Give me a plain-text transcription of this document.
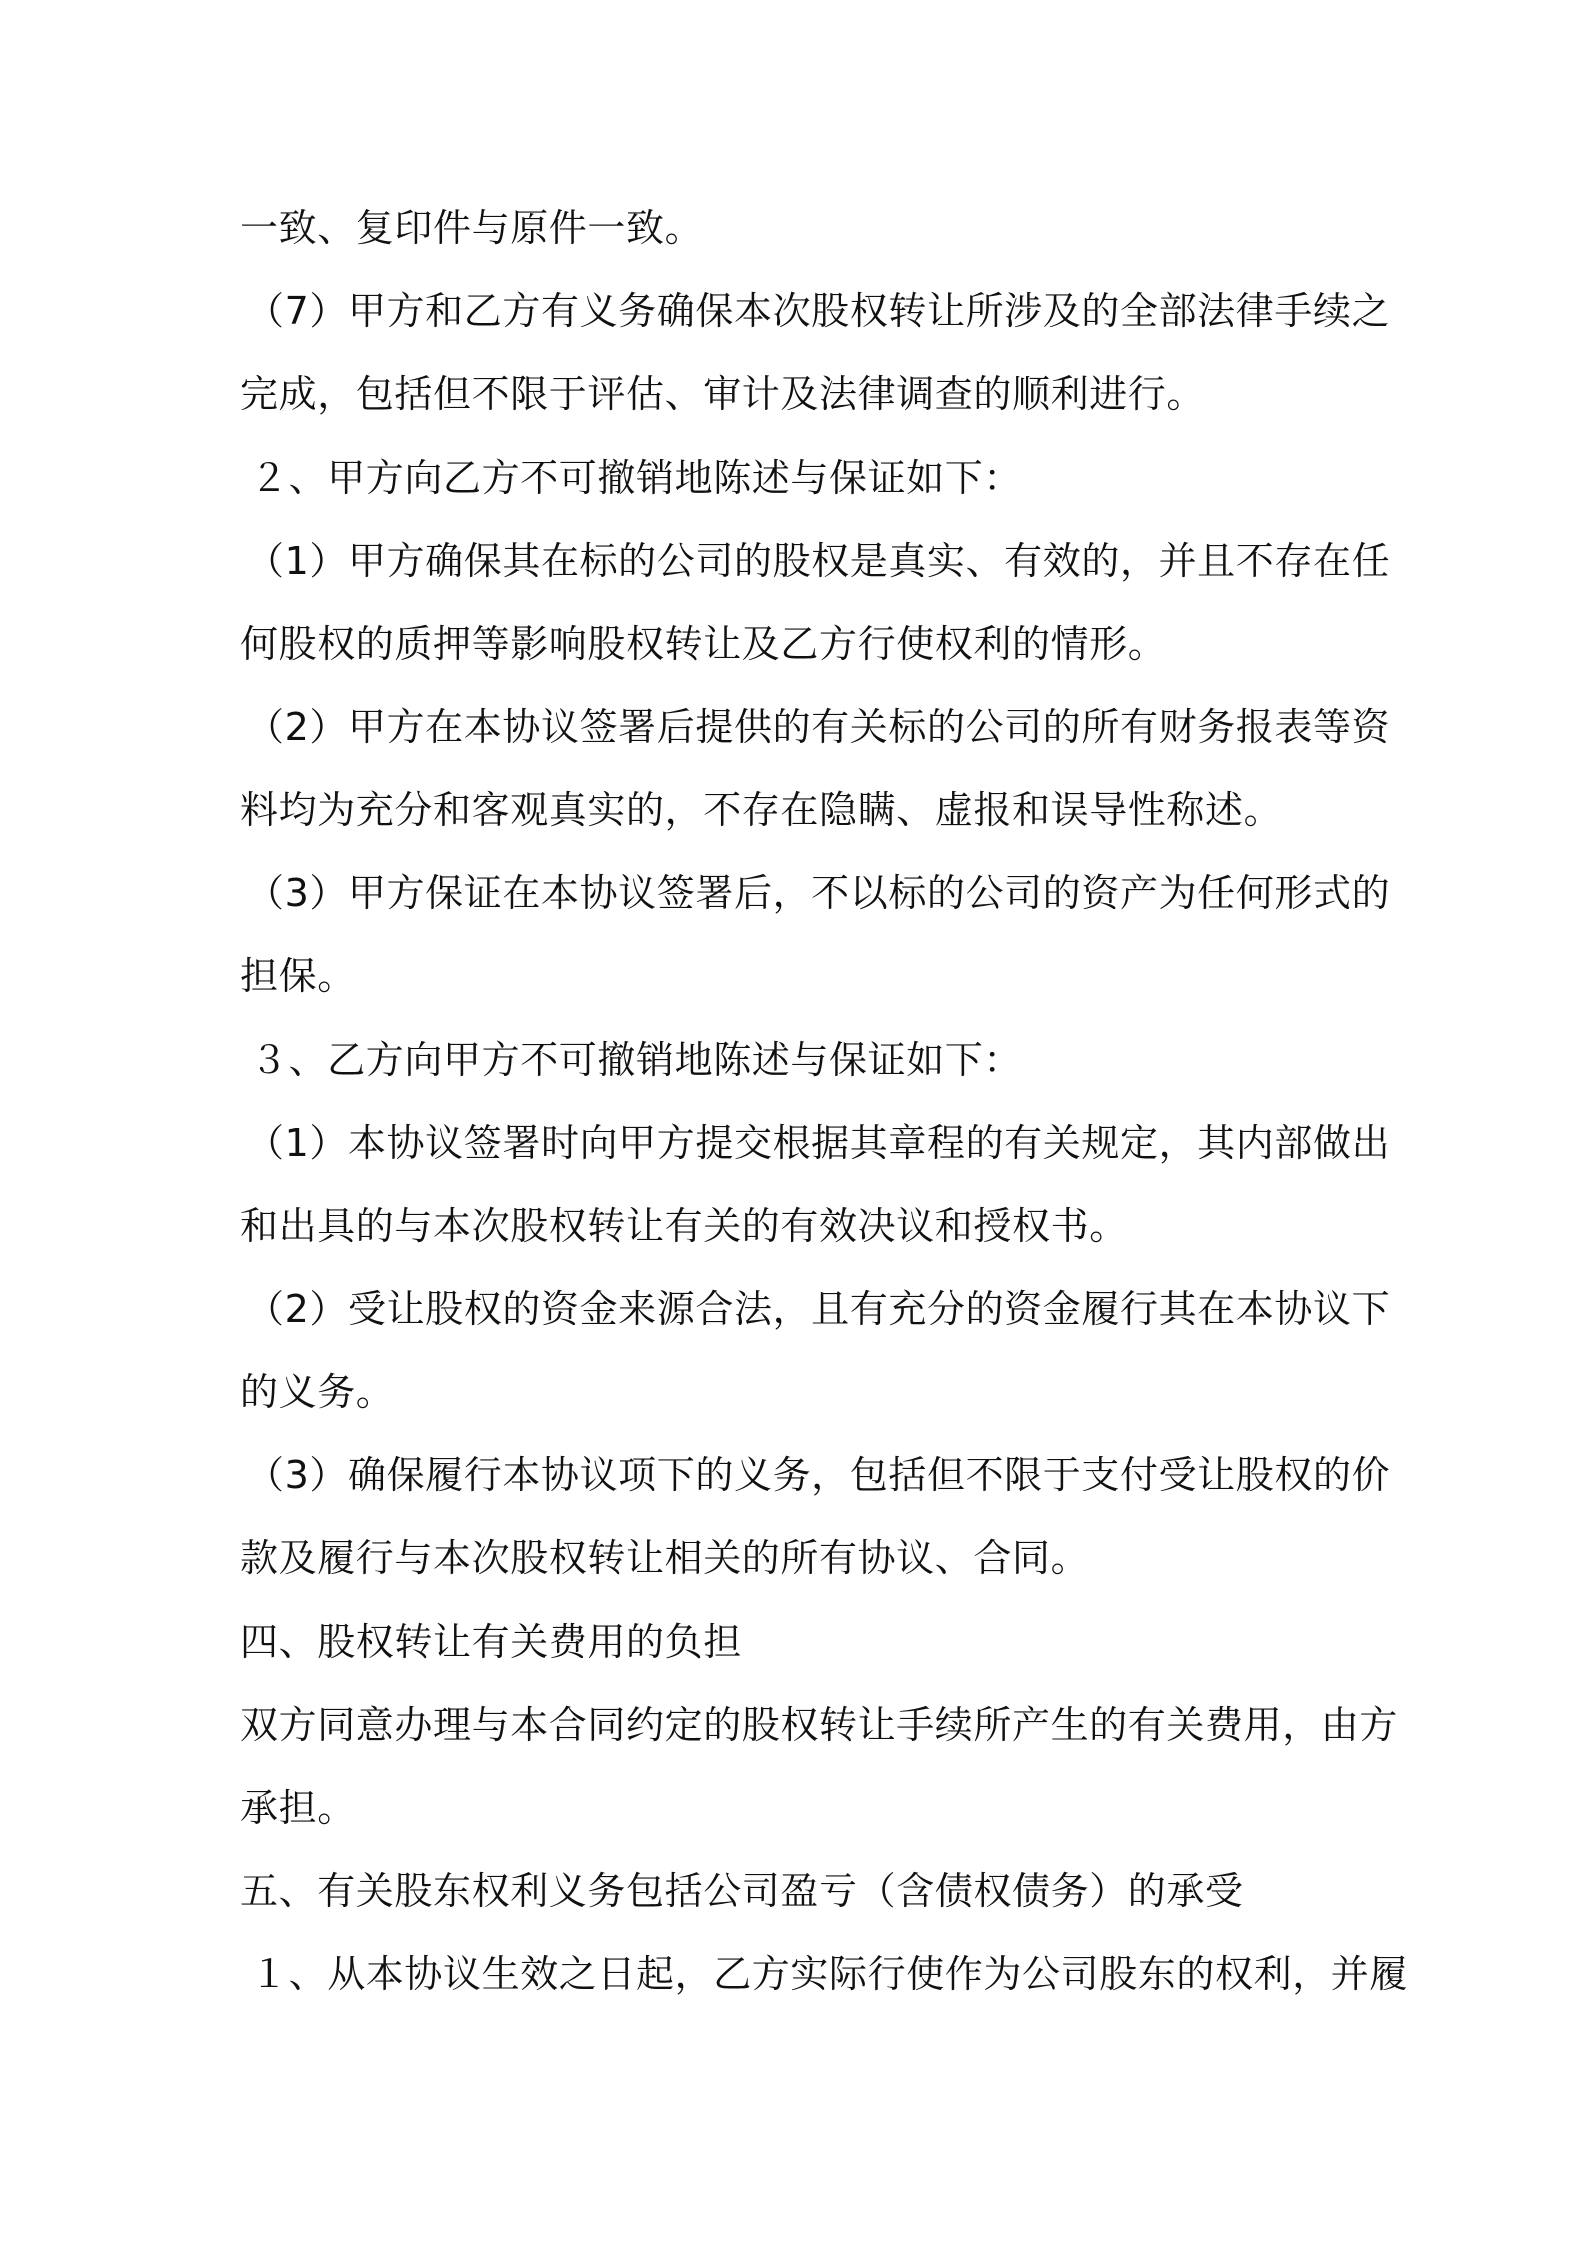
一致、复印件与原件一致。
（7）甲方和乙方有义务确保本次股权转让所涉及的全部法律手续之
完成，包括但不限于评估、审计及法律调查的顺利进行。
２、甲方向乙方不可撤销地陈述与保证如下：
（1）甲方确保其在标的公司的股权是真实、有效的，并且不存在任
何股权的质押等影响股权转让及乙方行使权利的情形。
（2）甲方在本协议签署后提供的有关标的公司的所有财务报表等资
料均为充分和客观真实的，不存在隐瞒、虚报和误导性称述。
（3）甲方保证在本协议签署后，不以标的公司的资产为任何形式的
担保。
３、乙方向甲方不可撤销地陈述与保证如下：
（1）本协议签署时向甲方提交根据其章程的有关规定，其内部做出
和出具的与本次股权转让有关的有效决议和授权书。
（2）受让股权的资金来源合法，且有充分的资金履行其在本协议下
的义务。
（3）确保履行本协议项下的义务，包括但不限于支付受让股权的价
款及履行与本次股权转让相关的所有协议、合同。
四、股权转让有关费用的负担
双方同意办理与本合同约定的股权转让手续所产生的有关费用，由方
承担。
五、有关股东权利义务包括公司盈亏（含债权债务）的承受
１、从本协议生效之日起，乙方实际行使作为公司股东的权利，并履
